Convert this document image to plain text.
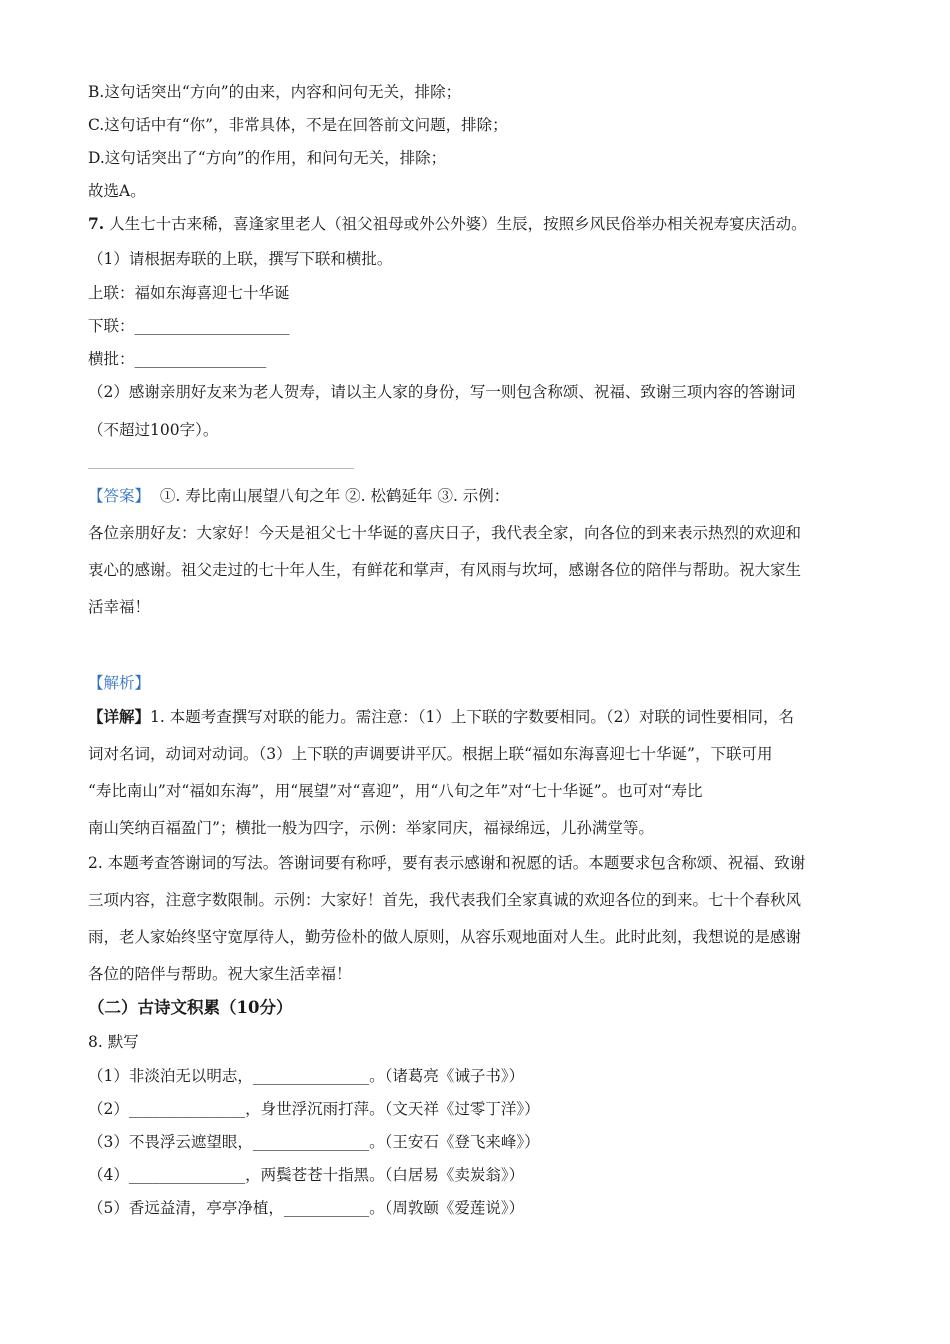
B.这句话突出“方向”的由来，内容和问句无关，排除；
C.这句话中有“你”，非常具体，不是在回答前文问题，排除；
D.这句话突出了“方向”的作用，和问句无关，排除；
故选A。
7. 人生七十古来稀，喜逢家里老人（祖父祖母或外公外婆）生辰，按照乡风民俗举办相关祝寿宴庆活动。
（1）请根据寿联的上联，撰写下联和横批。
上联：福如东海喜迎七十华诞
下联：____________________
横批：_________________
（2）感谢亲朋好友来为老人贺寿，请以主人家的身份，写一则包含称颂、祝福、致谢三项内容的答谢词
（不超过100字）。
【答案】 ①. 寿比南山展望八旬之年 ②. 松鹤延年 ③. 示例：
各位亲朋好友：大家好！今天是祖父七十华诞的喜庆日子，我代表全家，向各位的到来表示热烈的欢迎和
衷心的感谢。祖父走过的七十年人生，有鲜花和掌声，有风雨与坎坷，感谢各位的陪伴与帮助。祝大家生
活幸福！
【解析】
【详解】1. 本题考查撰写对联的能力。需注意：（1）上下联的字数要相同。（2）对联的词性要相同，名
词对名词，动词对动词。（3）上下联的声调要讲平仄。根据上联“福如东海喜迎七十华诞”，下联可用
“寿比南山”对“福如东海”，用“展望”对“喜迎”，用“八旬之年”对“七十华诞”。也可对“寿比
南山笑纳百福盈门”；横批一般为四字，示例：举家同庆，福禄绵远，儿孙满堂等。
2. 本题考查答谢词的写法。答谢词要有称呼，要有表示感谢和祝愿的话。本题要求包含称颂、祝福、致谢
三项内容，注意字数限制。示例：大家好！首先，我代表我们全家真诚的欢迎各位的到来。七十个春秋风
雨，老人家始终坚守宽厚待人，勤劳俭朴的做人原则，从容乐观地面对人生。此时此刻，我想说的是感谢
各位的陪伴与帮助。祝大家生活幸福！
（二）古诗文积累（10分）
8. 默写
（1）非淡泊无以明志，_______________。（诸葛亮《诫子书》）
（2）_______________，身世浮沉雨打萍。（文天祥《过零丁洋》）
（3）不畏浮云遮望眼，_______________。（王安石《登飞来峰》）
（4）_______________，两鬓苍苍十指黑。（白居易《卖炭翁》）
（5）香远益清，亭亭净植，___________。（周敦颐《爱莲说》）
